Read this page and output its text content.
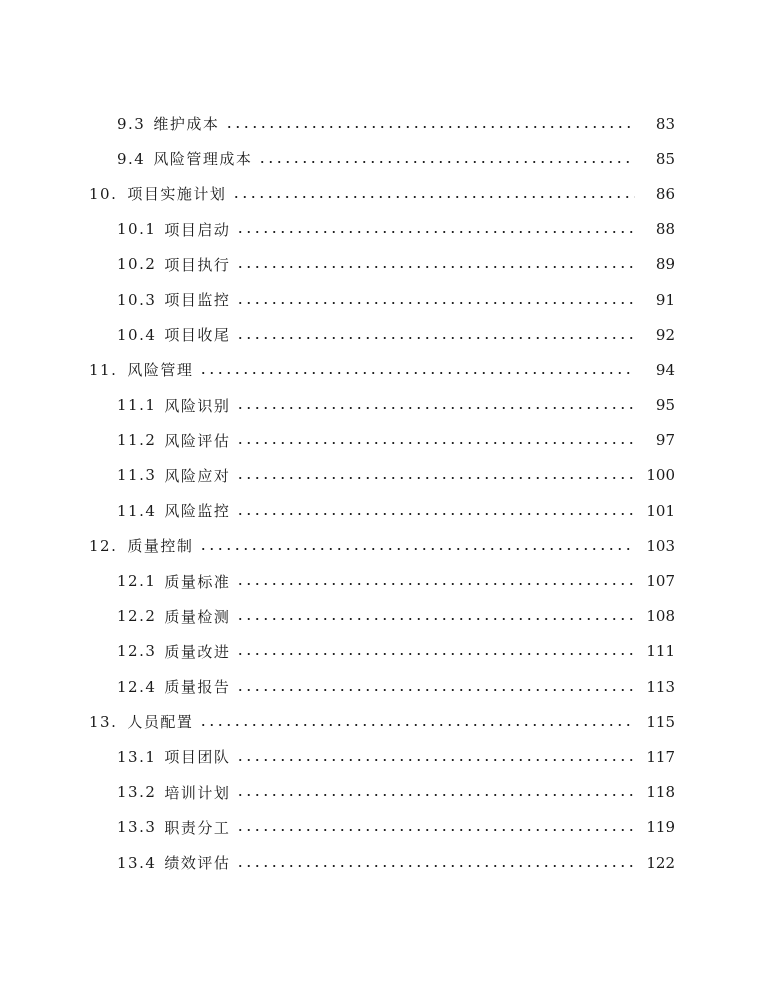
9.3 维护成本	83
9.4 风险管理成本	85
10. 项目实施计划	86
10.1 项目启动	88
10.2 项目执行	89
10.3 项目监控	91
10.4 项目收尾	92
11. 风险管理	94
11.1 风险识别	95
11.2 风险评估	97
11.3 风险应对	100
11.4 风险监控	101
12. 质量控制	103
12.1 质量标准	107
12.2 质量检测	108
12.3 质量改进	111
12.4 质量报告	113
13. 人员配置	115
13.1 项目团队	117
13.2 培训计划	118
13.3 职责分工	119
13.4 绩效评估	122
